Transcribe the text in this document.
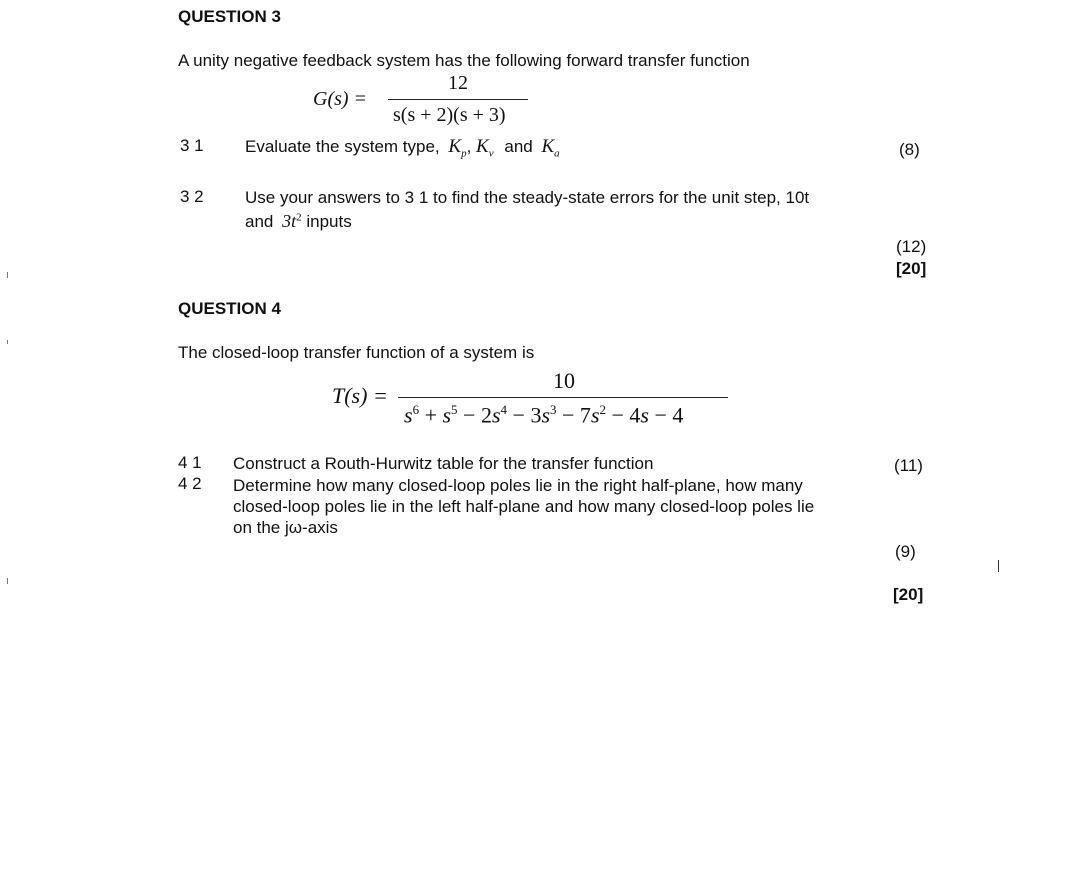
QUESTION 3
A unity negative feedback system has the following forward transfer function
G(s) =
12
s(s + 2)(s + 3)
3 1 Evaluate the system type, $K_p$, $K_v$ and $K_a$	(8)
3 2 Use your answers to 3 1 to find the steady-state errors for the unit step, 10t
and $3t^2$ inputs
(12)
[20]
QUESTION 4
The closed-loop transfer function of a system is
T(s) =
10
$s^6 + s^5 - 2s^4 - 3s^3 - 7s^2 - 4s - 4$
4 1 Construct a Routh-Hurwitz table for the transfer function	(11)
4 2 Determine how many closed-loop poles lie in the right half-plane, how many
closed-loop poles lie in the left half-plane and how many closed-loop poles lie
on the jω-axis
(9)
[20]
